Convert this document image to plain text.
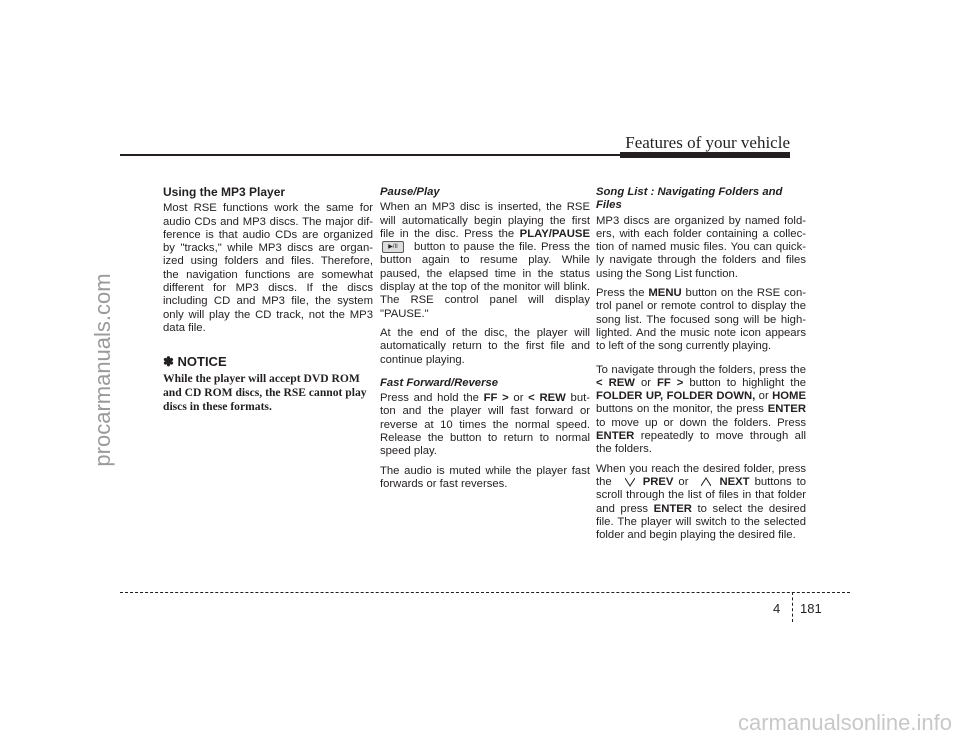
Features of your vehicle
procarmanuals.com
Using the MP3 Player

Most RSE functions work the same for audio CDs and MP3 discs. The major dif-ference is that audio CDs are organized by "tracks," while MP3 discs are organ-ized using folders and files. Therefore, the navigation functions are somewhat different for MP3 discs. If the discs including CD and MP3 file, the system only will play the CD track, not the MP3 data file.

✽ NOTICE
While the player will accept DVD ROM and CD ROM discs, the RSE cannot play discs in these formats.
Pause/Play

When an MP3 disc is inserted, the RSE will automatically begin playing the first file in the disc. Press the PLAY/PAUSE ▶/II button to pause the file. Press the button again to resume play. While paused, the elapsed time in the status display at the top of the monitor will blink. The RSE control panel will display "PAUSE."

At the end of the disc, the player will automatically return to the first file and continue playing.

Fast Forward/Reverse

Press and hold the FF > or < REW but-ton and the player will fast forward or reverse at 10 times the normal speed. Release the button to return to normal speed play.

The audio is muted while the player fast forwards or fast reverses.

Song List : Navigating Folders and Files

MP3 discs are organized by named fold-ers, with each folder containing a collec-tion of named music files. You can quick-ly navigate through the folders and files using the Song List function.

Press the MENU button on the RSE con-trol panel or remote control to display the song list. The focused song will be high-lighted. And the music note icon appears to left of the song currently playing.

To navigate through the folders, press the < REW or FF > button to highlight the FOLDER UP, FOLDER DOWN, or HOME buttons on the monitor, the press ENTER to move up or down the folders. Press ENTER repeatedly to move through all the folders.

When you reach the desired folder, press the PREV or NEXT buttons to scroll through the list of files in that folder and press ENTER to select the desired file. The player will switch to the selected folder and begin playing the desired file.

4 181
carmanualsonline.info
